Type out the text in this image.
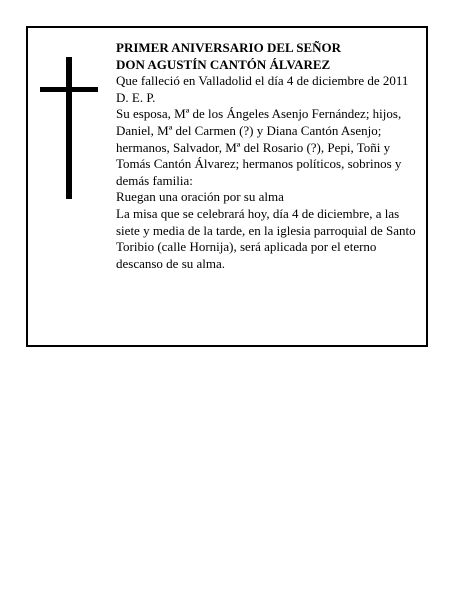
PRIMER ANIVERSARIO DEL SEÑOR
DON AGUSTÍN CANTÓN ÁLVAREZ
Que falleció en Valladolid el día 4 de diciembre de 2011
D. E. P.
Su esposa, Mª de los Ángeles Asenjo Fernández; hijos, Daniel, Mª del Carmen (?) y Diana Cantón Asenjo; hermanos, Salvador, Mª del Rosario (?), Pepi, Toñi y Tomás Cantón Álvarez; hermanos políticos, sobrinos y demás familia:
Ruegan una oración por su alma
La misa que se celebrará hoy, día 4 de diciembre, a las siete y media de la tarde, en la iglesia parroquial de Santo Toribio (calle Hornija), será aplicada por el eterno descanso de su alma.
